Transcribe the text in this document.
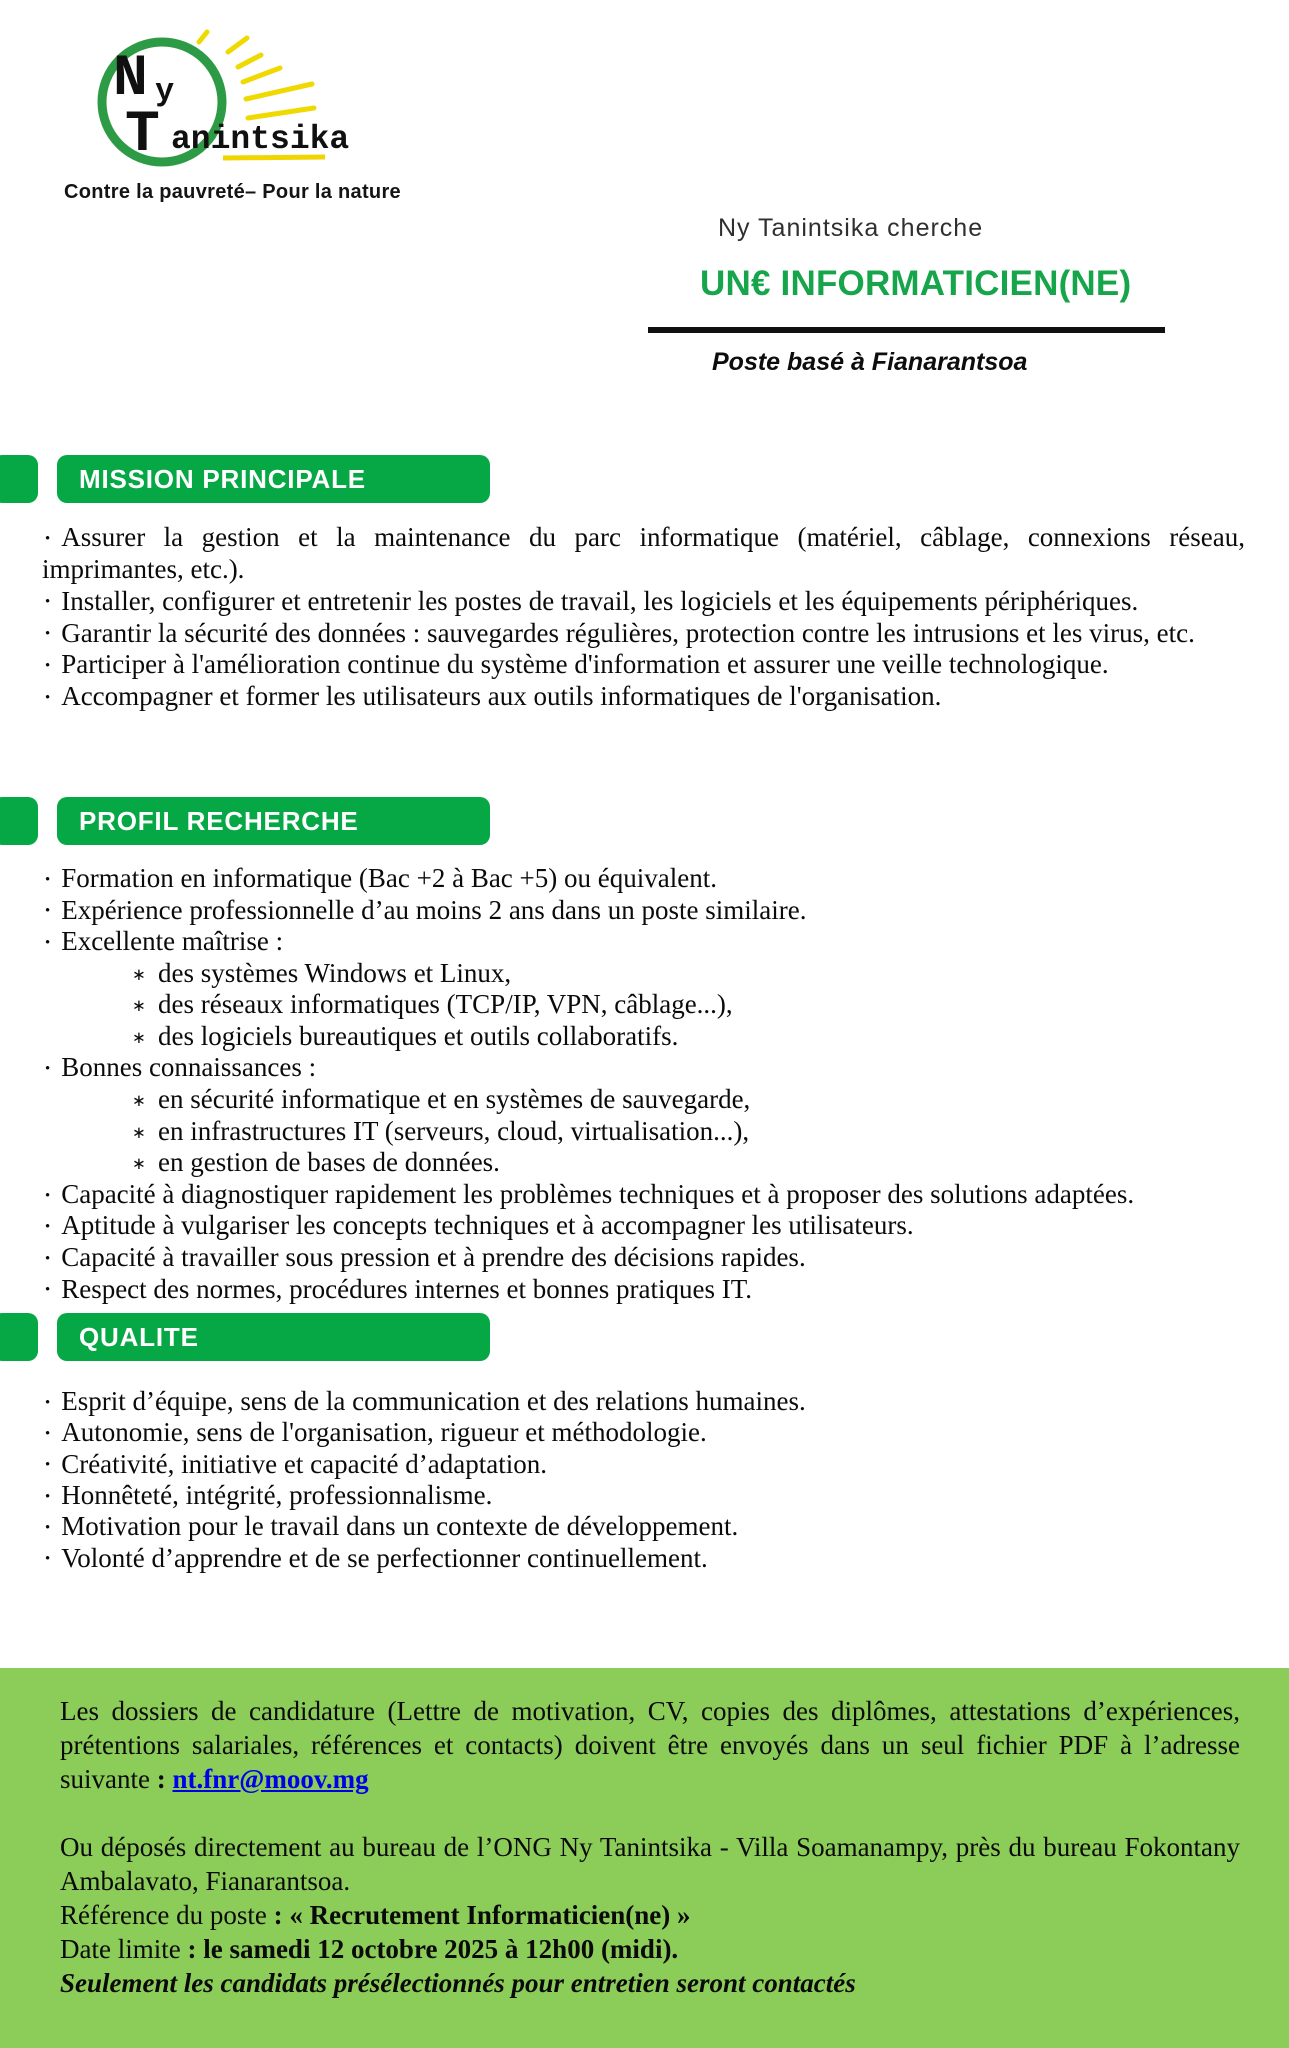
N y
T anintsika
Contre la pauvreté– Pour la nature
Ny Tanintsika cherche
UN€ INFORMATICIEN(NE)
Poste basé à Fianarantsoa
MISSION PRINCIPALE

• Assurer la gestion et la maintenance du parc informatique (matériel, câblage, connexions réseau, imprimantes, etc.).

• Installer, configurer et entretenir les postes de travail, les logiciels et les équipements périphériques.

• Garantir la sécurité des données : sauvegardes régulières, protection contre les intrusions et les virus, etc.

• Participer à l'amélioration continue du système d'information et assurer une veille technologique.

• Accompagner et former les utilisateurs aux outils informatiques de l'organisation.

PROFIL RECHERCHE

• Formation en informatique (Bac +2 à Bac +5) ou équivalent.

• Expérience professionnelle d’au moins 2 ans dans un poste similaire.

• Excellente maîtrise :

∗ des systèmes Windows et Linux,

∗ des réseaux informatiques (TCP/IP, VPN, câblage...),

∗ des logiciels bureautiques et outils collaboratifs.

• Bonnes connaissances :

∗ en sécurité informatique et en systèmes de sauvegarde,

∗ en infrastructures IT (serveurs, cloud, virtualisation...),

∗ en gestion de bases de données.

• Capacité à diagnostiquer rapidement les problèmes techniques et à proposer des solutions adaptées.

• Aptitude à vulgariser les concepts techniques et à accompagner les utilisateurs.

• Capacité à travailler sous pression et à prendre des décisions rapides.

• Respect des normes, procédures internes et bonnes pratiques IT.

QUALITE

• Esprit d’équipe, sens de la communication et des relations humaines.

• Autonomie, sens de l'organisation, rigueur et méthodologie.

• Créativité, initiative et capacité d’adaptation.

• Honnêteté, intégrité, professionnalisme.

• Motivation pour le travail dans un contexte de développement.

• Volonté d’apprendre et de se perfectionner continuellement.

Les dossiers de candidature (Lettre de motivation, CV, copies des diplômes, attestations d’expériences, prétentions salariales, références et contacts) doivent être envoyés dans un seul fichier PDF à l’adresse suivante : nt.fnr@moov.mg

Ou déposés directement au bureau de l’ONG Ny Tanintsika - Villa Soamanampy, près du bureau Fokontany Ambalavato, Fianarantsoa.

Référence du poste : « Recrutement Informaticien(ne) »

Date limite : le samedi 12 octobre 2025 à 12h00 (midi).

Seulement les candidats présélectionnés pour entretien seront contactés
